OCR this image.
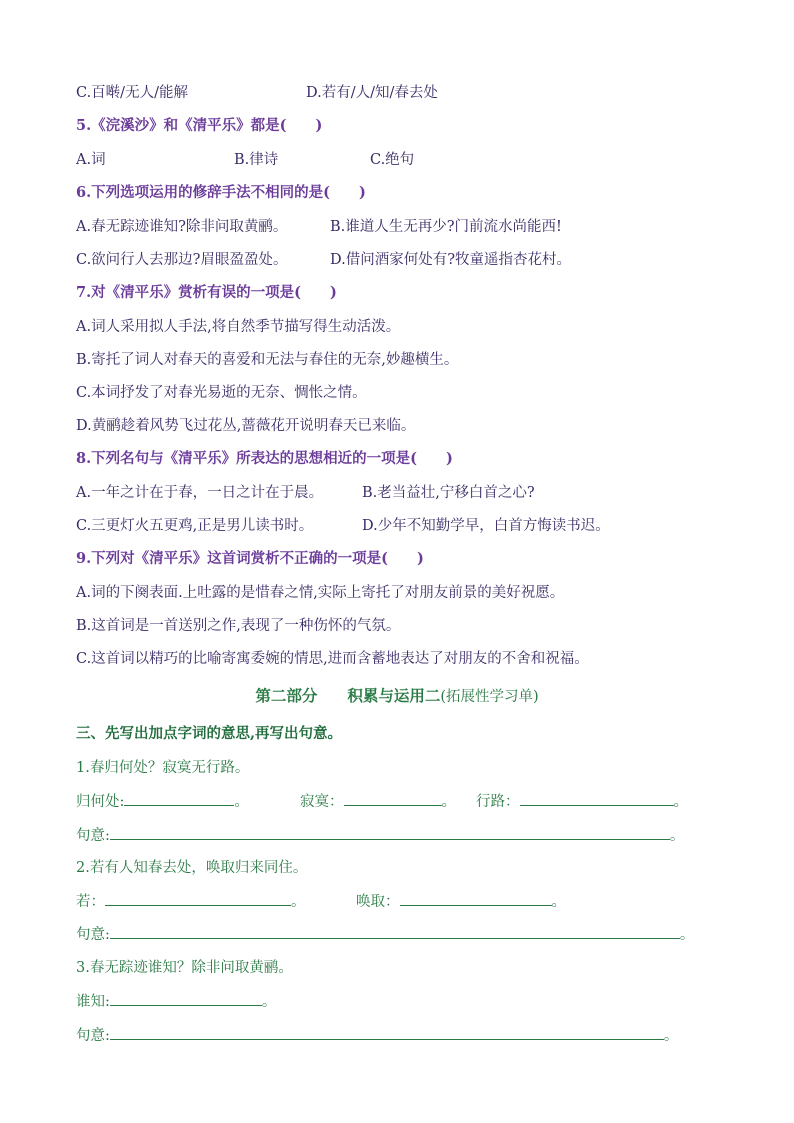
C.百啭/无人/能解	D.若有/人/知/春去处
5.《浣溪沙》和《清平乐》都是(　　)
A.词	B.律诗	C.绝句
6.下列选项运用的修辞手法不相同的是(　　)
A.春无踪迹谁知?除非问取黄鹂。	B.谁道人生无再少?门前流水尚能西!
C.欲问行人去那边?眉眼盈盈处。	D.借问酒家何处有?牧童遥指杏花村。
7.对《清平乐》赏析有误的一项是(　　)
A.词人采用拟人手法,将自然季节描写得生动活泼。
B.寄托了词人对春天的喜爱和无法与春住的无奈,妙趣横生。
C.本词抒发了对春光易逝的无奈、惆怅之情。
D.黄鹂趁着风势飞过花丛,蔷薇花开说明春天已来临。
8.下列名句与《清平乐》所表达的思想相近的一项是(　　)
A.一年之计在于春，一日之计在于晨。	B.老当益壮,宁移白首之心?
C.三更灯火五更鸡,正是男儿读书时。	D.少年不知勤学早，白首方悔读书迟。
9.下列对《清平乐》这首词赏析不正确的一项是(　　)
A.词的下阕表面.上吐露的是惜春之情,实际上寄托了对朋友前景的美好祝愿。
B.这首词是一首送别之作,表现了一种伤怀的气氛。
C.这首词以精巧的比喻寄寓委婉的情思,进而含蓄地表达了对朋友的不舍和祝福。
第二部分 积累与运用二(拓展性学习单)
三、先写出加点字词的意思,再写出句意。
1.春归何处？寂寞无行路。
归何处:	。	寂寞：	。 行路：	。
句意:	。
2.若有人知春去处，唤取归来同住。
若：	。	唤取：	。
句意:	。
3.春无踪迹谁知？除非问取黄鹂。
谁知:	。
句意:	。
